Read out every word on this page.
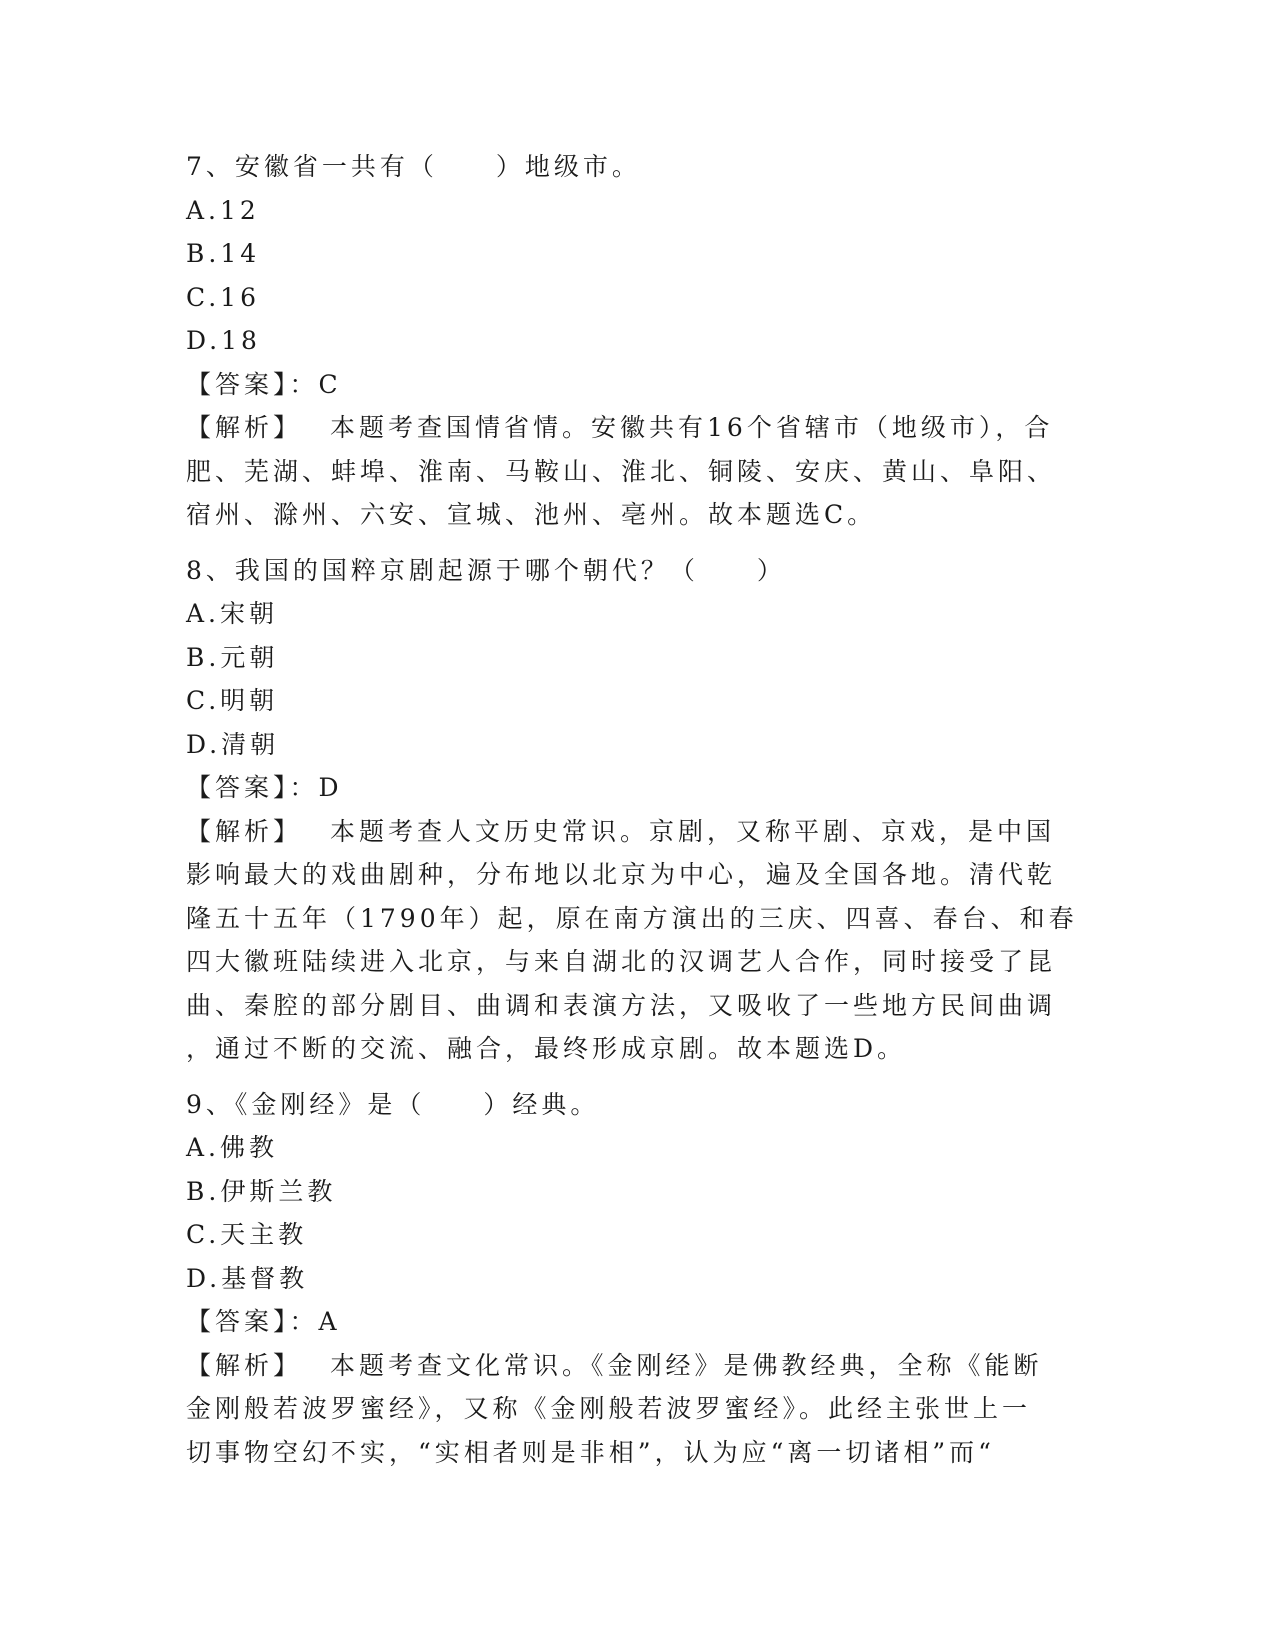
7、安徽省一共有（　　）地级市。
A.12
B.14
C.16
D.18
【答案】：C
【解析】 本题考查国情省情。安徽共有16个省辖市（地级市），合
肥、芜湖、蚌埠、淮南、马鞍山、淮北、铜陵、安庆、黄山、阜阳、
宿州、滁州、六安、宣城、池州、亳州。故本题选C。
8、我国的国粹京剧起源于哪个朝代？（　　）
A.宋朝
B.元朝
C.明朝
D.清朝
【答案】：D
【解析】 本题考查人文历史常识。京剧，又称平剧、京戏，是中国
影响最大的戏曲剧种，分布地以北京为中心，遍及全国各地。清代乾
隆五十五年（1790年）起，原在南方演出的三庆、四喜、春台、和春
四大徽班陆续进入北京，与来自湖北的汉调艺人合作，同时接受了昆
曲、秦腔的部分剧目、曲调和表演方法，又吸收了一些地方民间曲调
，通过不断的交流、融合，最终形成京剧。故本题选D。
9、《金刚经》是（　　）经典。
A.佛教
B.伊斯兰教
C.天主教
D.基督教
【答案】：A
【解析】 本题考查文化常识。《金刚经》是佛教经典，全称《能断
金刚般若波罗蜜经》，又称《金刚般若波罗蜜经》。此经主张世上一
切事物空幻不实，“实相者则是非相”，认为应“离一切诸相”而“
